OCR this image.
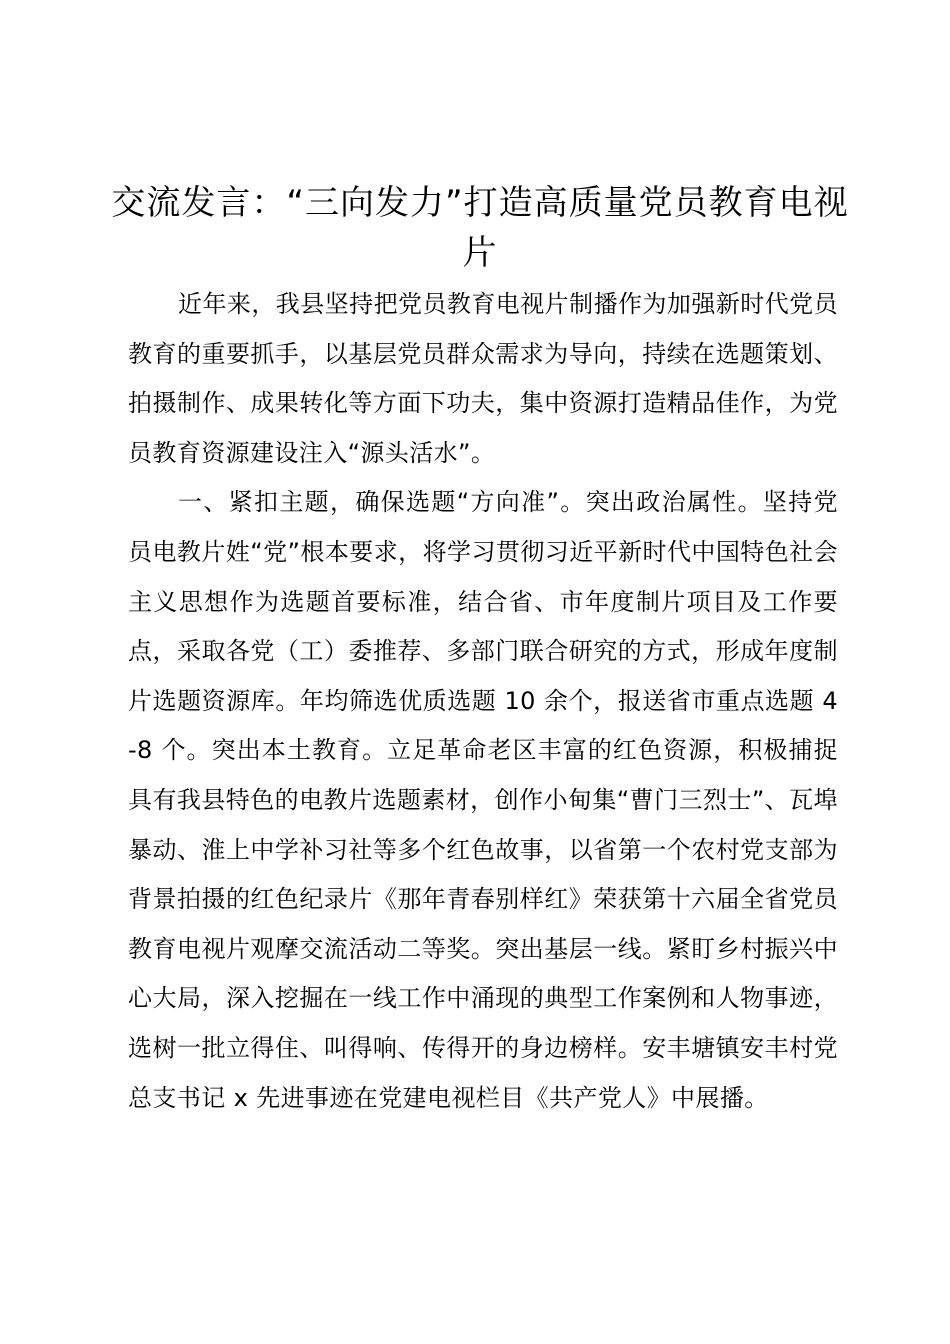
交流发言：“三向发力”打造高质量党员教育电视片

近年来，我县坚持把党员教育电视片制播作为加强新时代党员教育的重要抓手，以基层党员群众需求为导向，持续在选题策划、拍摄制作、成果转化等方面下功夫，集中资源打造精品佳作，为党员教育资源建设注入“源头活水”。

一、紧扣主题，确保选题“方向准”。突出政治属性。坚持党员电教片姓“党”根本要求，将学习贯彻习近平新时代中国特色社会主义思想作为选题首要标准，结合省、市年度制片项目及工作要点，采取各党（工）委推荐、多部门联合研究的方式，形成年度制片选题资源库。年均筛选优质选题 10 余个，报送省市重点选题 4-8 个。突出本土教育。立足革命老区丰富的红色资源，积极捕捉具有我县特色的电教片选题素材，创作小甸集“曹门三烈士”、瓦埠暴动、淮上中学补习社等多个红色故事，以省第一个农村党支部为背景拍摄的红色纪录片《那年青春别样红》荣获第十六届全省党员教育电视片观摩交流活动二等奖。突出基层一线。紧盯乡村振兴中心大局，深入挖掘在一线工作中涌现的典型工作案例和人物事迹，选树一批立得住、叫得响、传得开的身边榜样。安丰塘镇安丰村党总支书记 x 先进事迹在党建电视栏目《共产党人》中展播。
